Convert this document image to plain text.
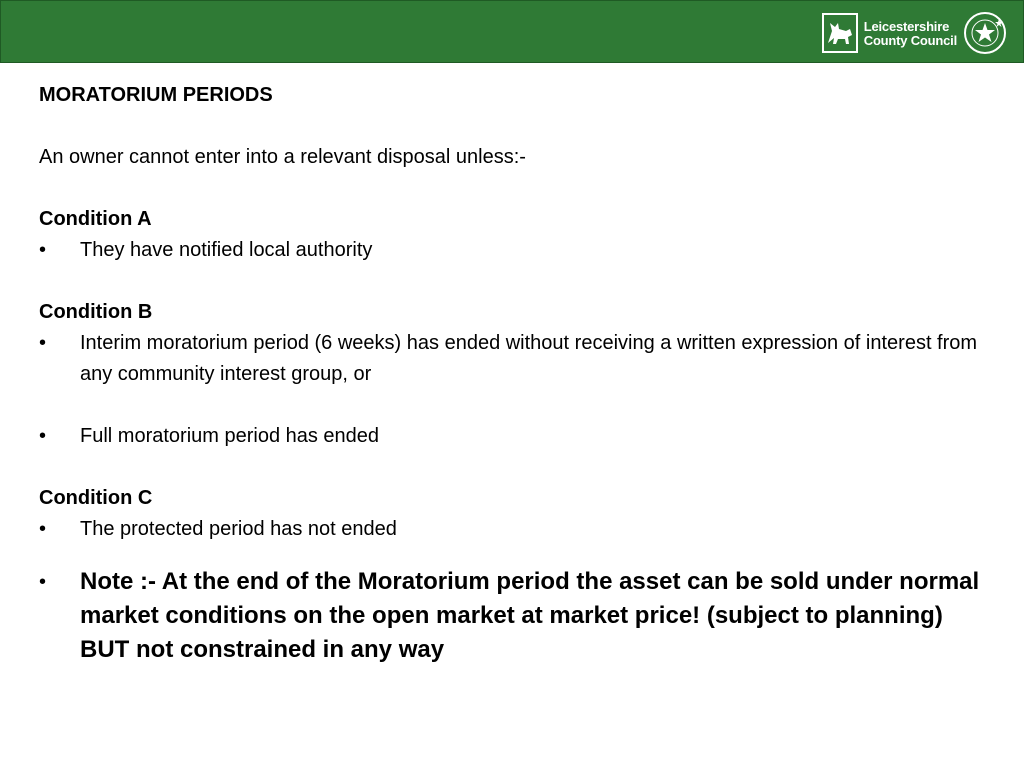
Leicestershire
County Council
MORATORIUM PERIODS
An owner cannot enter into a relevant disposal unless:-
Condition A
•	They have notified local authority
Condition B
•	Interim moratorium period (6 weeks) has ended without receiving a written expression of interest from any community interest group, or
•	Full moratorium period has ended
Condition C
•	The protected period has not ended
•	Note :- At the end of the Moratorium period the asset can be sold under normal market conditions on the open market at market price! (subject to planning) BUT not constrained in any way
